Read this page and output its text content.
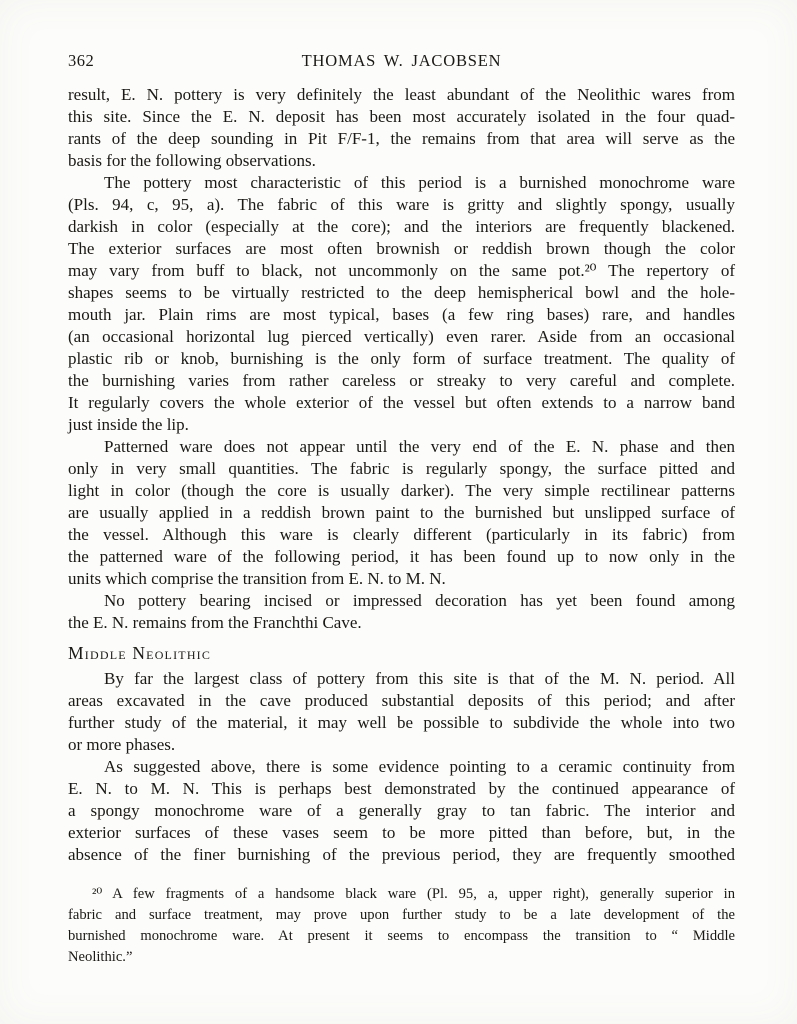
362	THOMAS W. JACOBSEN
result, E. N. pottery is very definitely the least abundant of the Neolithic wares from
this site. Since the E. N. deposit has been most accurately isolated in the four quad-
rants of the deep sounding in Pit F/F-1, the remains from that area will serve as the
basis for the following observations.
The pottery most characteristic of this period is a burnished monochrome ware
(Pls. 94, c, 95, a). The fabric of this ware is gritty and slightly spongy, usually
darkish in color (especially at the core); and the interiors are frequently blackened.
The exterior surfaces are most often brownish or reddish brown though the color
may vary from buff to black, not uncommonly on the same pot.²⁰ The repertory of
shapes seems to be virtually restricted to the deep hemispherical bowl and the hole-
mouth jar. Plain rims are most typical, bases (a few ring bases) rare, and handles
(an occasional horizontal lug pierced vertically) even rarer. Aside from an occasional
plastic rib or knob, burnishing is the only form of surface treatment. The quality of
the burnishing varies from rather careless or streaky to very careful and complete.
It regularly covers the whole exterior of the vessel but often extends to a narrow band
just inside the lip.
Patterned ware does not appear until the very end of the E. N. phase and then
only in very small quantities. The fabric is regularly spongy, the surface pitted and
light in color (though the core is usually darker). The very simple rectilinear patterns
are usually applied in a reddish brown paint to the burnished but unslipped surface of
the vessel. Although this ware is clearly different (particularly in its fabric) from
the patterned ware of the following period, it has been found up to now only in the
units which comprise the transition from E. N. to M. N.
No pottery bearing incised or impressed decoration has yet been found among
the E. N. remains from the Franchthi Cave.
Middle Neolithic
By far the largest class of pottery from this site is that of the M. N. period. All
areas excavated in the cave produced substantial deposits of this period; and after
further study of the material, it may well be possible to subdivide the whole into two
or more phases.
As suggested above, there is some evidence pointing to a ceramic continuity from
E. N. to M. N. This is perhaps best demonstrated by the continued appearance of
a spongy monochrome ware of a generally gray to tan fabric. The interior and
exterior surfaces of these vases seem to be more pitted than before, but, in the
absence of the finer burnishing of the previous period, they are frequently smoothed
²⁰ A few fragments of a handsome black ware (Pl. 95, a, upper right), generally superior in
fabric and surface treatment, may prove upon further study to be a late development of the
burnished monochrome ware. At present it seems to encompass the transition to “ Middle
Neolithic.”
